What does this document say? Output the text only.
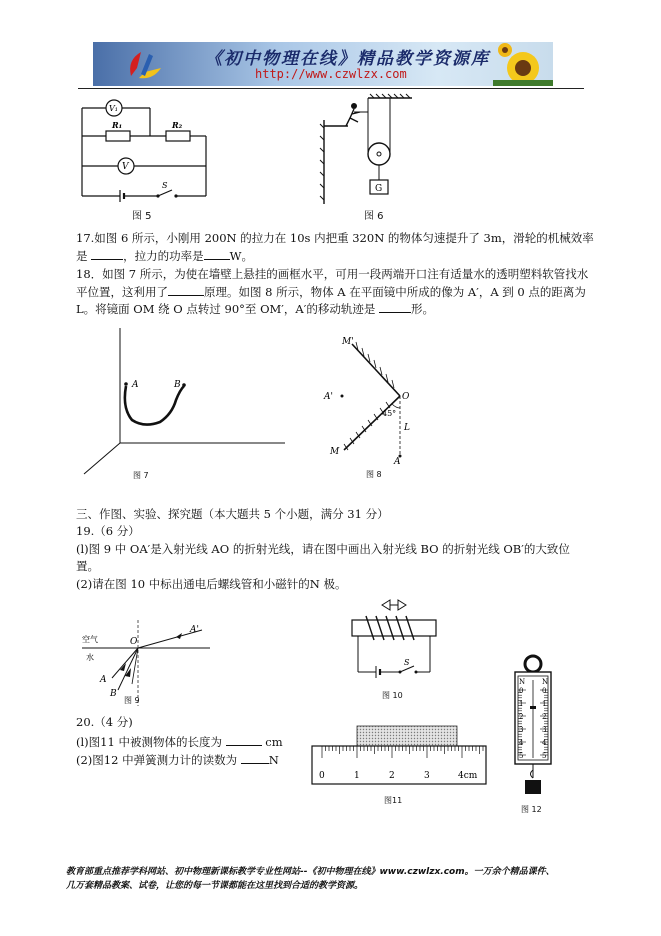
《初中物理在线》精品教学资源库
http://www.czwlzx.com
V₁
R₁	R₂
V
S
图 5
G
图 6
17.如图 6 所示，小刚用 200N 的拉力在 10s 内把重 320N 的物体匀速提升了 3m，滑轮的机械效率
是	，拉力的功率是 W。
18．如图 7 所示，为使在墙壁上悬挂的画框水平，可用一段两端开口注有适量水的透明塑料软管找水
平位置，这利用了	原理。如图 8 所示，物体 A 在平面镜中所成的像为 A′，A 到 0 点的距离为
L。将镜面 OM 绕 O 点转过 90°至 OM′，A′的移动轨迹是	形。
A	B
图 7
M'
A'	O
45°
L
M
A
图 8
三、作图、实验、探究题（本大题共 5 个小题，满分 31 分）
19.（6 分）
(l)图 9 中 OA′是入射光线 AO 的折射光线，请在图中画出入射光线 BO 的折射光线 OB′的大致位
置。
(2)请在图 10 中标出通电后螺线管和小磁针的N 极。
空气
水
O
A'
A
B
图 9
S
图 10
20.（4 分)
(l)图11 中被测物体的长度为	cm
(2)图12 中弹簧测力计的读数为	N
0	1	2	3	4cm
图11
N
0
1
2
3
4
5
N
0
1
2
3
4
5
图 12
教育部重点推荐学科网站、初中物理新课标教学专业性网站--《初中物理在线》www.czwlzx.com。一万余个精品课件、
几万套精品教案、试卷，让您的每一节课都能在这里找到合适的教学资源。
